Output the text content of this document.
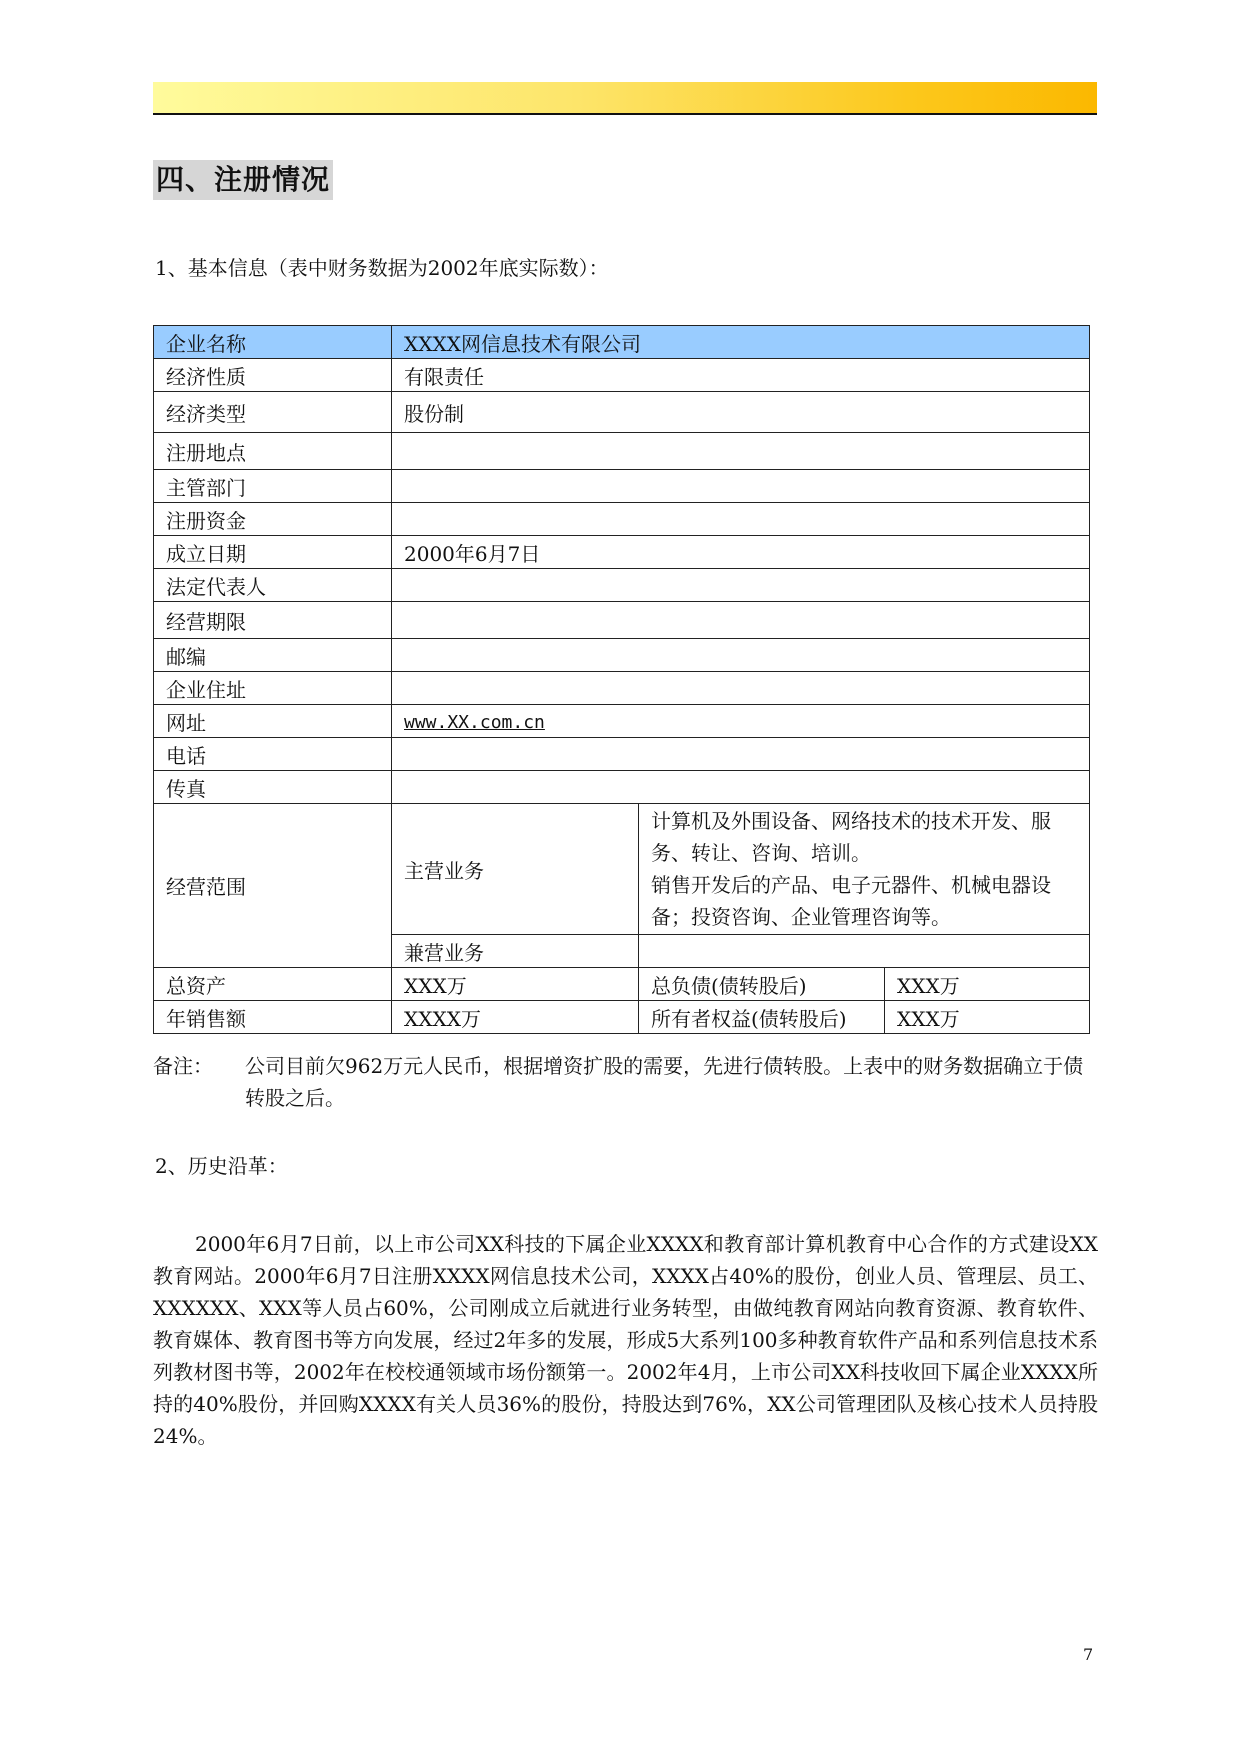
四、注册情况
1、基本信息（表中财务数据为2002年底实际数）：
企业名称	XXXX网信息技术有限公司		
经济性质	有限责任		
经济类型	股份制		
注册地点			
主管部门			
注册资金			
成立日期	2000年6月7日		
法定代表人			
经营期限			
邮编			
企业住址			
网址	www.XX.com.cn		
电话			
传真			
经营范围	主营业务	计算机及外围设备、网络技术的技术开发、服务、转让、咨询、培训。
销售开发后的产品、电子元器件、机械电器设备；投资咨询、企业管理咨询等。	

	兼营业务		
总资产	XXX万	总负债(债转股后)	XXX万
年销售额	XXXX万	所有者权益(债转股后)	XXX万
备注： 公司目前欠962万元人民币，根据增资扩股的需要，先进行债转股。上表中的财务数据确立于债转股之后。
2、历史沿革：
2000年6月7日前，以上市公司XX科技的下属企业XXXX和教育部计算机教育中心合作的方式建设XX教育网站。2000年6月7日注册XXXX网信息技术公司，XXXX占40%的股份，创业人员、管理层、员工、XXXXXX、XXX等人员占60%，公司刚成立后就进行业务转型，由做纯教育网站向教育资源、教育软件、教育媒体、教育图书等方向发展，经过2年多的发展，形成5大系列100多种教育软件产品和系列信息技术系列教材图书等，2002年在校校通领域市场份额第一。2002年4月，上市公司XX科技收回下属企业XXXX所持的40%股份，并回购XXXX有关人员36%的股份，持股达到76%，XX公司管理团队及核心技术人员持股24%。
7
